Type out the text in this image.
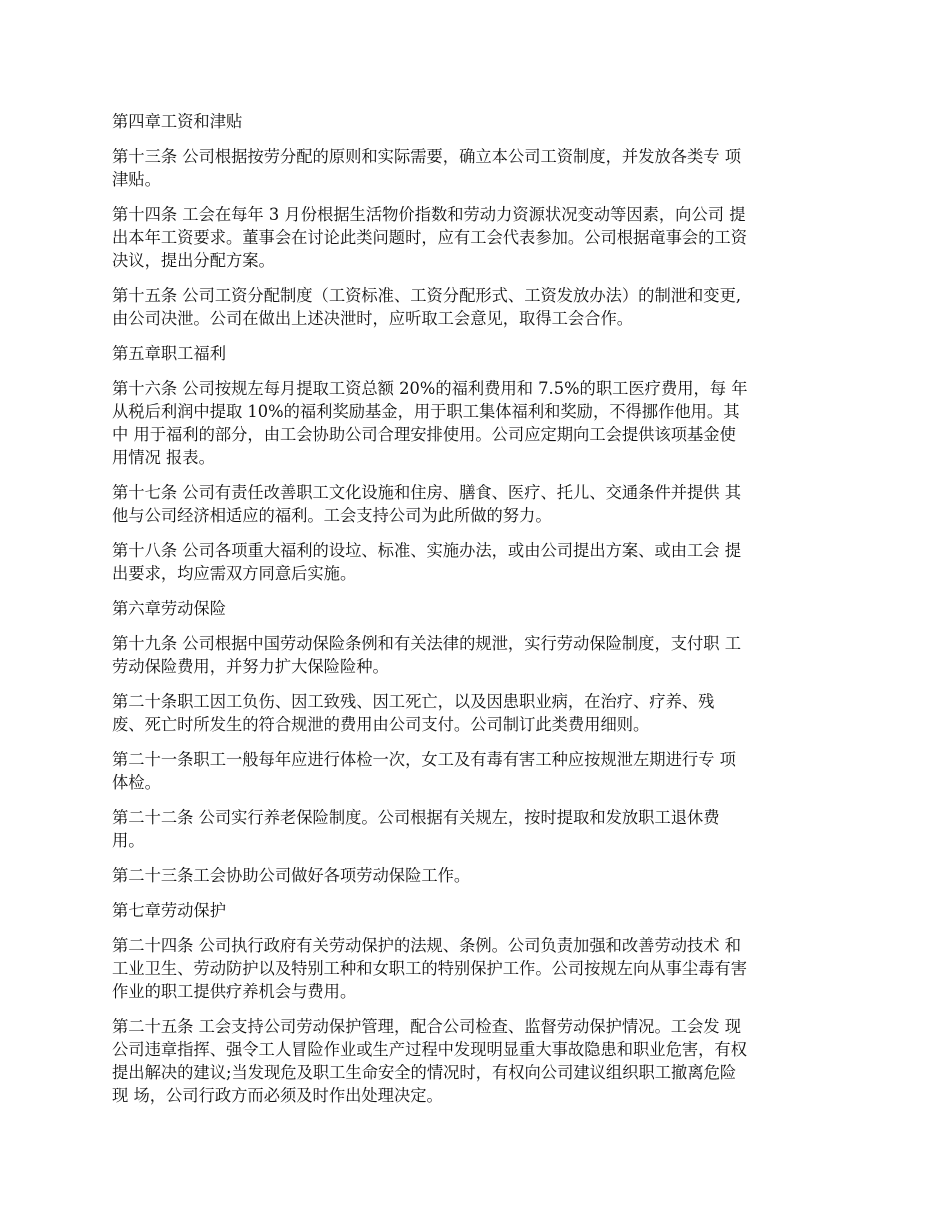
第四章工资和津贴

第十三条 公司根据按劳分配的原则和实际需要，确立本公司工资制度，并发放各类专 项
津贴。

第十四条 工会在每年 3 月份根据生活物价指数和劳动力资源状况变动等因素，向公司 提
出本年工资要求。董事会在讨论此类问题时，应有工会代表参加。公司根据竜事会的工资
决议，提出分配方案。

第十五条 公司工资分配制度（工资标准、工资分配形式、工资发放办法）的制泄和变更,
由公司决泄。公司在做出上述决泄时，应听取工会意见，取得工会合作。

第五章职工福利

第十六条 公司按规左每月提取工资总额 20%的福利费用和 7.5%的职工医疗费用，每 年
从税后利润中提取 10%的福利奖励基金，用于职工集体福利和奖励，不得挪作他用。其
中 用于福利的部分，由工会协助公司合理安排使用。公司应定期向工会提供该项基金使
用情况 报表。

第十七条 公司有责任改善职工文化设施和住房、膳食、医疗、托儿、交通条件并提供 其
他与公司经济相适应的福利。工会支持公司为此所做的努力。

第十八条 公司各项重大福利的设垃、标准、实施办法，或由公司提出方案、或由工会 提
出要求，均应需双方同意后实施。

第六章劳动保险

第十九条 公司根据中国劳动保险条例和有关法律的规泄，实行劳动保险制度，支付职 工
劳动保险费用，并努力扩大保险险种。

第二十条职工因工负伤、因工致残、因工死亡，以及因患职业病，在治疗、疗养、残
废、死亡时所发生的符合规泄的费用由公司支付。公司制订此类费用细则。

第二十一条职工一般每年应进行体检一次，女工及有毒有害工种应按规泄左期进行专 项
体检。

第二十二条 公司实行养老保险制度。公司根据有关规左，按时提取和发放职工退休费
用。

第二十三条工会协助公司做好各项劳动保险工作。

第七章劳动保护

第二十四条 公司执行政府有关劳动保护的法规、条例。公司负责加强和改善劳动技术 和
工业卫生、劳动防护以及特别工种和女职工的特别保护工作。公司按规左向从事尘毒有害
作业的职工提供疗养机会与费用。

第二十五条 工会支持公司劳动保护管理，配合公司检查、监督劳动保护情况。工会发 现
公司违章指挥、强令工人冒险作业或生产过程中发现明显重大事故隐患和职业危害，有权
提出解决的建议;当发现危及职工生命安全的情况时，有权向公司建议组织职工撤离危险
现 场，公司行政方而必须及时作出处理决定。
